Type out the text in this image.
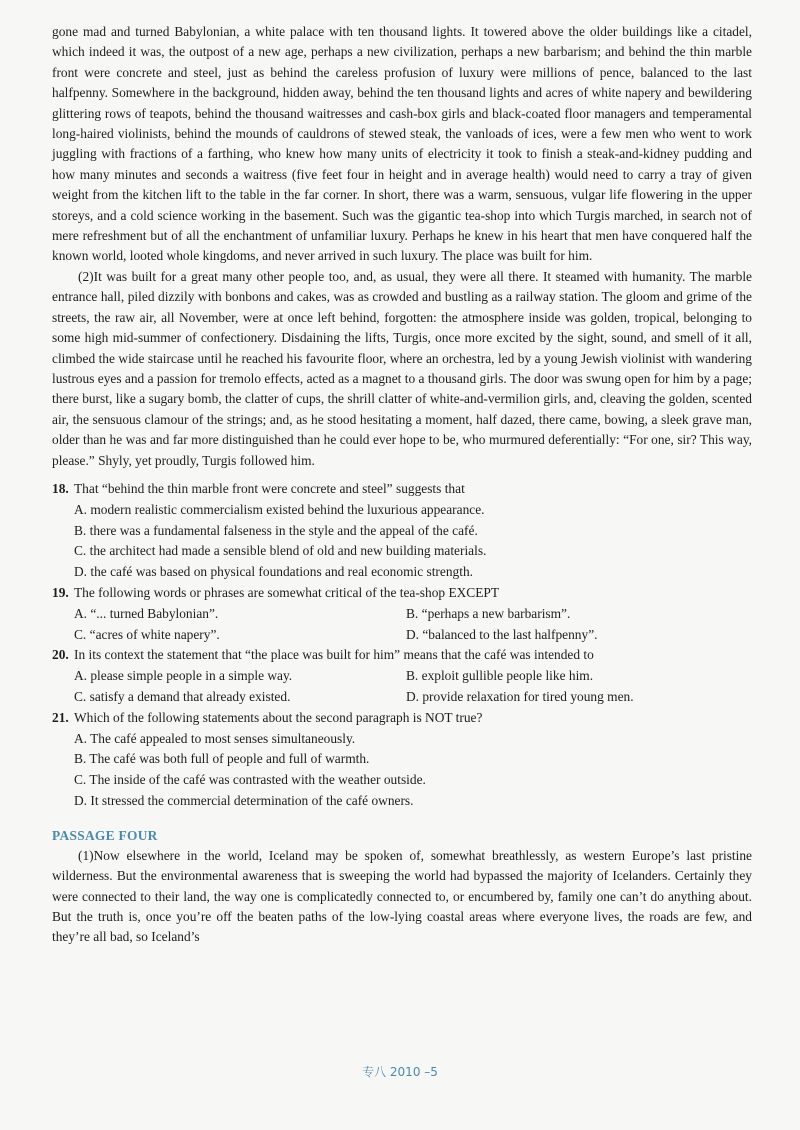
gone mad and turned Babylonian, a white palace with ten thousand lights. It towered above the older buildings like a citadel, which indeed it was, the outpost of a new age, perhaps a new civilization, perhaps a new barbarism; and behind the thin marble front were concrete and steel, just as behind the careless profusion of luxury were millions of pence, balanced to the last halfpenny. Somewhere in the background, hidden away, behind the ten thousand lights and acres of white napery and bewildering glittering rows of teapots, behind the thousand waitresses and cash-box girls and black-coated floor managers and temperamental long-haired violinists, behind the mounds of cauldrons of stewed steak, the vanloads of ices, were a few men who went to work juggling with fractions of a farthing, who knew how many units of electricity it took to finish a steak-and-kidney pudding and how many minutes and seconds a waitress (five feet four in height and in average health) would need to carry a tray of given weight from the kitchen lift to the table in the far corner. In short, there was a warm, sensuous, vulgar life flowering in the upper storeys, and a cold science working in the basement. Such was the gigantic tea-shop into which Turgis marched, in search not of mere refreshment but of all the enchantment of unfamiliar luxury. Perhaps he knew in his heart that men have conquered half the known world, looted whole kingdoms, and never arrived in such luxury. The place was built for him.

(2)It was built for a great many other people too, and, as usual, they were all there. It steamed with humanity. The marble entrance hall, piled dizzily with bonbons and cakes, was as crowded and bustling as a railway station. The gloom and grime of the streets, the raw air, all November, were at once left behind, forgotten: the atmosphere inside was golden, tropical, belonging to some high mid-summer of confectionery. Disdaining the lifts, Turgis, once more excited by the sight, sound, and smell of it all, climbed the wide staircase until he reached his favourite floor, where an orchestra, led by a young Jewish violinist with wandering lustrous eyes and a passion for tremolo effects, acted as a magnet to a thousand girls. The door was swung open for him by a page; there burst, like a sugary bomb, the clatter of cups, the shrill clatter of white-and-vermilion girls, and, cleaving the golden, scented air, the sensuous clamour of the strings; and, as he stood hesitating a moment, half dazed, there came, bowing, a sleek grave man, older than he was and far more distinguished than he could ever hope to be, who murmured deferentially: “For one, sir? This way, please.” Shyly, yet proudly, Turgis followed him.

18. That “behind the thin marble front were concrete and steel” suggests that
A. modern realistic commercialism existed behind the luxurious appearance.
B. there was a fundamental falseness in the style and the appeal of the café.
C. the architect had made a sensible blend of old and new building materials.
D. the café was based on physical foundations and real economic strength.
19. The following words or phrases are somewhat critical of the tea-shop EXCEPT
A. “... turned Babylonian”.	B. “perhaps a new barbarism”.
C. “acres of white napery”.	D. “balanced to the last halfpenny”.
20. In its context the statement that “the place was built for him” means that the café was intended to
A. please simple people in a simple way.	B. exploit gullible people like him.
C. satisfy a demand that already existed.	D. provide relaxation for tired young men.
21. Which of the following statements about the second paragraph is NOT true?
A. The café appealed to most senses simultaneously.
B. The café was both full of people and full of warmth.
C. The inside of the café was contrasted with the weather outside.
D. It stressed the commercial determination of the café owners.
PASSAGE FOUR

(1)Now elsewhere in the world, Iceland may be spoken of, somewhat breathlessly, as western Europe’s last pristine wilderness. But the environmental awareness that is sweeping the world had bypassed the majority of Icelanders. Certainly they were connected to their land, the way one is complicatedly connected to, or encumbered by, family one can’t do anything about. But the truth is, once you’re off the beaten paths of the low-lying coastal areas where everyone lives, the roads are few, and they’re all bad, so Iceland’s

专八 2010 –5
